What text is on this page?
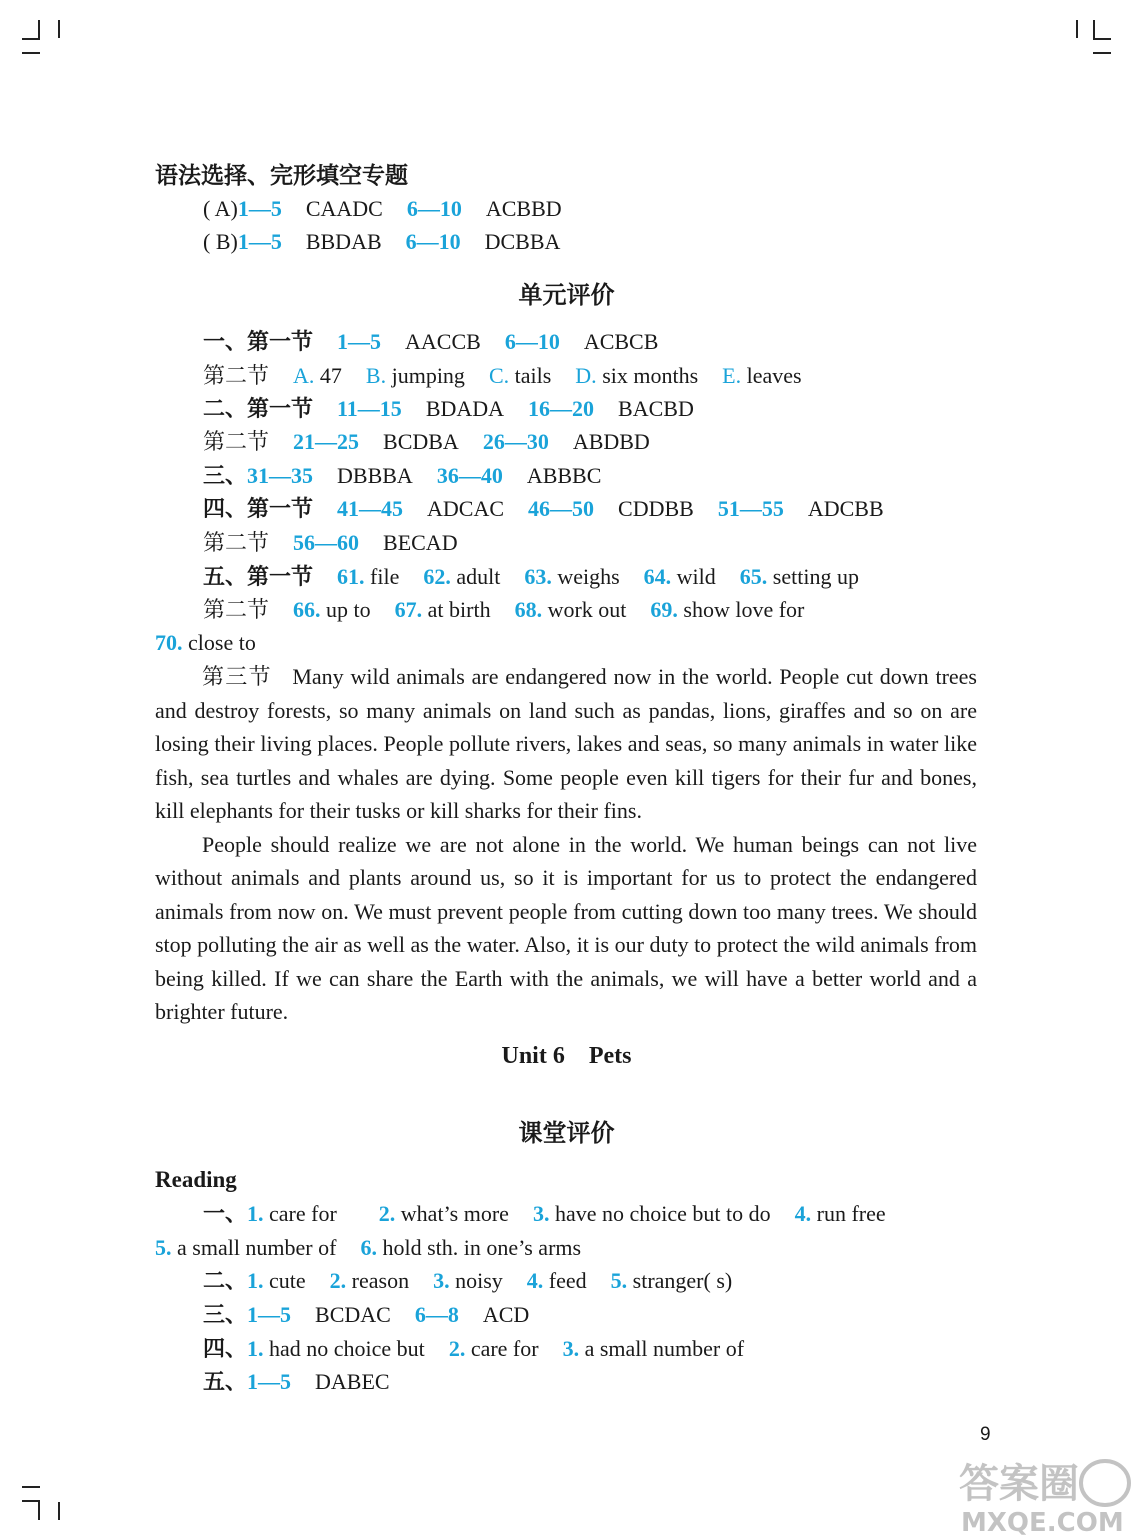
语法选择、完形填空专题
( A)1—5 CAADC 6—10 ACBBD
( B)1—5 BBDAB 6—10 DCBBA
单元评价
一、第一节 1—5 AACCB 6—10 ACBCB
第二节 A. 47 B. jumping C. tails D. six months E. leaves
二、第一节 11—15 BDADA 16—20 BACBD
第二节 21—25 BCDBA 26—30 ABDBD
三、31—35 DBBBA 36—40 ABBBC
四、第一节 41—45 ADCAC 46—50 CDDBB 51—55 ADCBB
第二节 56—60 BECAD
五、第一节 61. file 62. adult 63. weighs 64. wild 65. setting up
第二节 66. up to 67. at birth 68. work out 69. show love for
70. close to

第三节 Many wild animals are endangered now in the world. People cut down trees and destroy forests, so many animals on land such as pandas, lions, giraffes and so on are losing their living places. People pollute rivers, lakes and seas, so many animals in water like fish, sea turtles and whales are dying. Some people even kill tigers for their fur and bones, kill elephants for their tusks or kill sharks for their fins.

People should realize we are not alone in the world. We human beings can not live without animals and plants around us, so it is important for us to protect the endangered animals from now on. We must prevent people from cutting down too many trees. We should stop polluting the air as well as the water. Also, it is our duty to protect the wild animals from being killed. If we can share the Earth with the animals, we will have a better world and a brighter future.

Unit 6    Pets
课堂评价
Reading
一、1. care for 2. what’s more 3. have no choice but to do 4. run free
5. a small number of 6. hold sth. in one’s arms
二、1. cute 2. reason 3. noisy 4. feed 5. stranger( s)
三、1—5 BCDAC 6—8 ACD
四、1. had no choice but 2. care for 3. a small number of
五、1—5 DABEC
9
答案圈
MXQE.COM
